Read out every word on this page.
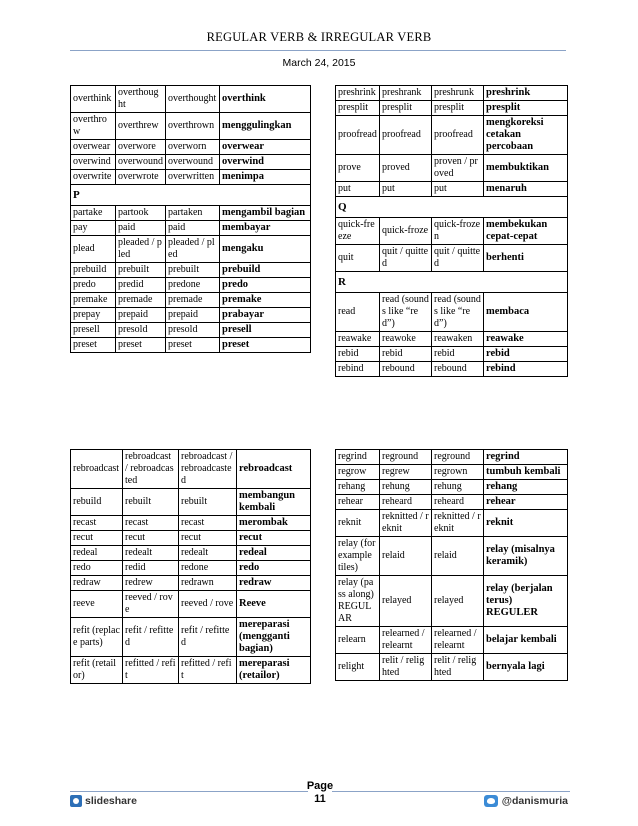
REGULAR VERB & IRREGULAR VERB
March 24, 2015
overthink	overthought	overthought	overthink
overthrow	overthrew	overthrown	menggulingkan
overwear	overwore	overworn	overwear
overwind	overwound	overwound	overwind
overwrite	overwrote	overwritten	menimpa
P			
partake	partook	partaken	mengambil bagian
pay	paid	paid	membayar
plead	pleaded / pled	pleaded / pled	mengaku
prebuild	prebuilt	prebuilt	prebuild
predo	predid	predone	predo
premake	premade	premade	premake
prepay	prepaid	prepaid	prabayar
presell	presold	presold	presell
preset	preset	preset	preset
rebroadcast	rebroadcast / rebroadcasted	rebroadcast / rebroadcasted	rebroadcast
rebuild	rebuilt	rebuilt	membangun kembali
recast	recast	recast	merombak
recut	recut	recut	recut
redeal	redealt	redealt	redeal
redo	redid	redone	redo
redraw	redrew	redrawn	redraw
reeve	reeved / rove	reeved / rove	Reeve
refit (replace parts)	refit / refitted	refit / refitted	mereparasi (mengganti bagian)
refit (retailor)	refitted / refit	refitted / refit	mereparasi (retailor)
preshrink	preshrank	preshrunk	preshrink
presplit	presplit	presplit	presplit
proofread	proofread	proofread	mengkoreksi cetakan percobaan
prove	proved	proven / proved	membuktikan
put	put	put	menaruh
Q			
quick-freeze	quick-froze	quick-frozen	membekukan cepat-cepat
quit	quit / quitted	quit / quitted	berhenti
R			
read	read (sounds like “red”)	read (sounds like “red”)	membaca
reawake	reawoke	reawaken	reawake
rebid	rebid	rebid	rebid
rebind	rebound	rebound	rebind
regrind	reground	reground	regrind
regrow	regrew	regrown	tumbuh kembali
rehang	rehung	rehung	rehang
rehear	reheard	reheard	rehear
reknit	reknitted / reknit	reknitted / reknit	reknit
relay (for example tiles)	relaid	relaid	relay (misalnya keramik)
relay (pass along) REGULAR	relayed	relayed	relay (berjalan terus) REGULER
relearn	relearned / relearnt	relearned / relearnt	belajar kembali
relight	relit / relighted	relit / relighted	bernyala lagi
Page
11
slideshare	@danismuria
